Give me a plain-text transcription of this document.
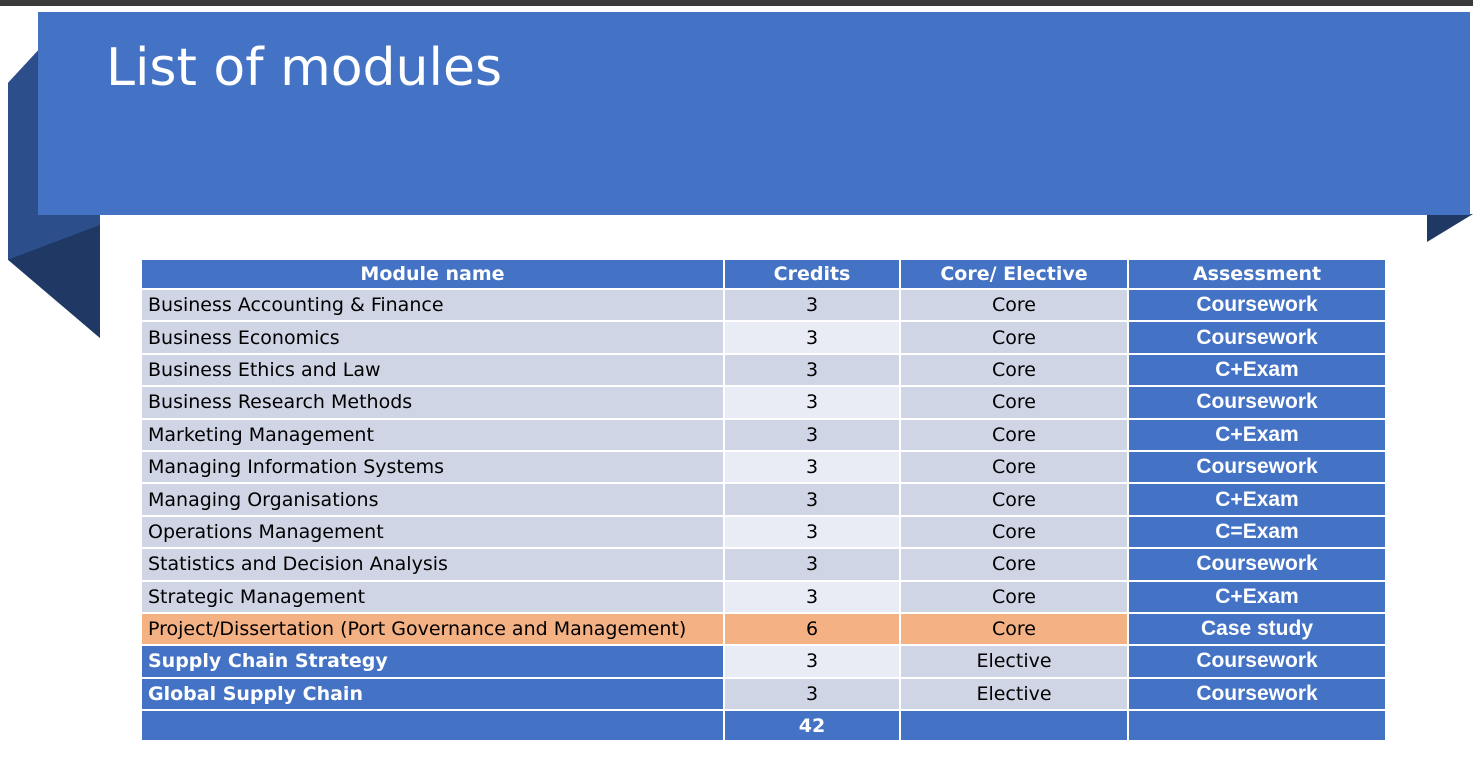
List of modules
Module name	Credits	Core/ Elective	Assessment
Business Accounting & Finance	3	Core	Coursework
Business Economics	3	Core	Coursework
Business Ethics and Law	3	Core	C+Exam
Business Research Methods	3	Core	Coursework
Marketing Management	3	Core	C+Exam
Managing Information Systems	3	Core	Coursework
Managing Organisations	3	Core	C+Exam
Operations Management	3	Core	C=Exam
Statistics and Decision Analysis	3	Core	Coursework
Strategic Management	3	Core	C+Exam
Project/Dissertation (Port Governance and Management)	6	Core	Case study
Supply Chain Strategy	3	Elective	Coursework
Global Supply Chain	3	Elective	Coursework
	42		
